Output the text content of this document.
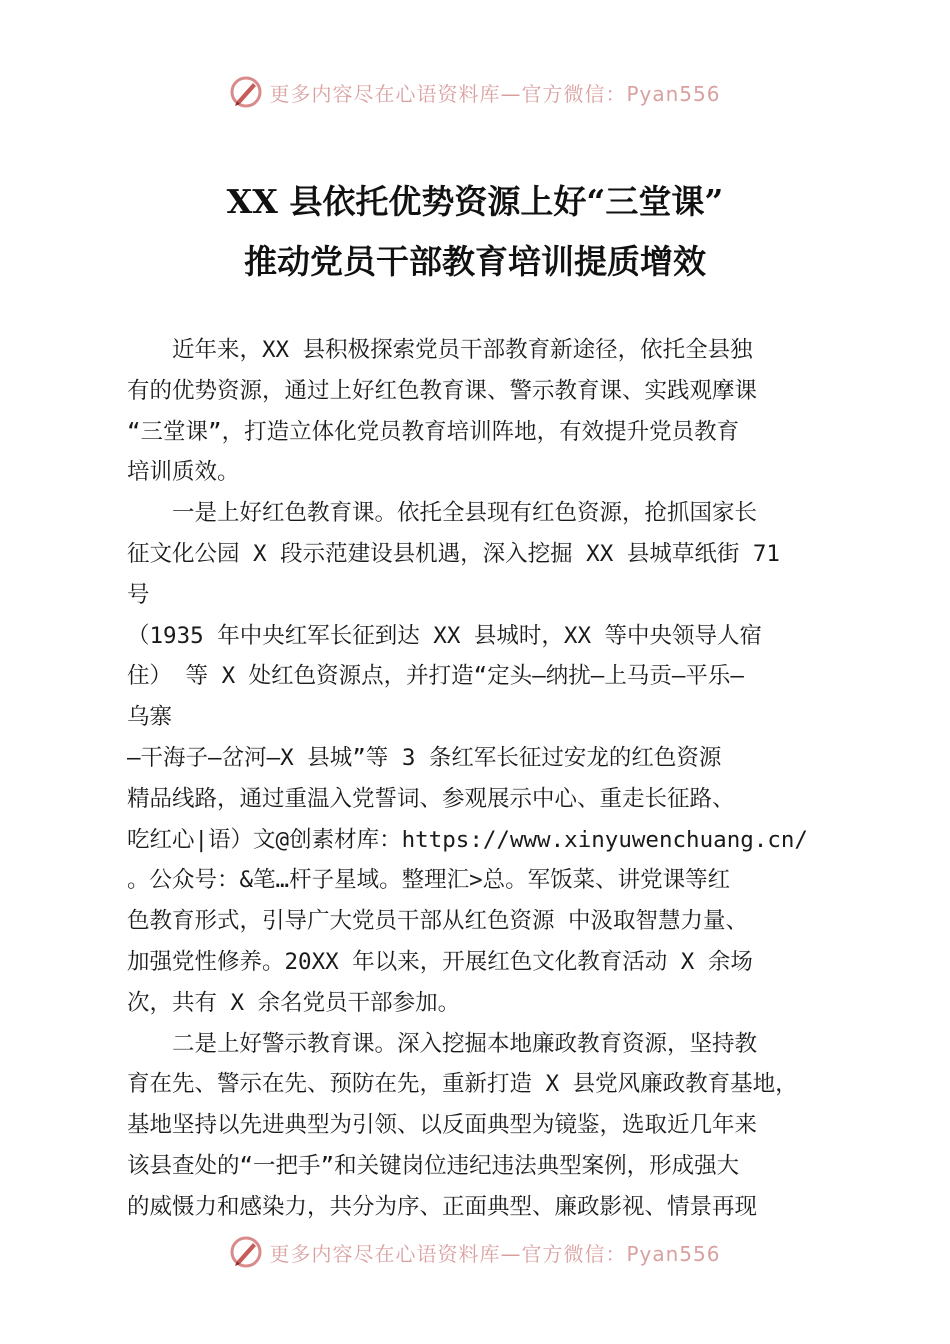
更多内容尽在心语资料库—官方微信：Pyan556
XX 县依托优势资源上好“三堂课”
推动党员干部教育培训提质增效
　　近年来，XX 县积极探索党员干部教育新途径，依托全县独
有的优势资源，通过上好红色教育课、警示教育课、实践观摩课
“三堂课”，打造立体化党员教育培训阵地，有效提升党员教育
培训质效。
　　一是上好红色教育课。依托全县现有红色资源，抢抓国家长
征文化公园 X 段示范建设县机遇，深入挖掘 XX 县城草纸街 71
号
（1935 年中央红军长征到达 XX 县城时，XX 等中央领导人宿
住） 等 X 处红色资源点，并打造“定头—纳扰—上马贡—平乐—
乌寨
—干海子—岔河—X 县城”等 3 条红军长征过安龙的红色资源
精品线路，通过重温入党誓词、参观展示中心、重走长征路、
吃红心|语）文@创素材库：https://www.xinyuwenchuang.cn/
。公众号：&笔…杆子星域。整理汇>总。军饭菜、讲党课等红
色教育形式，引导广大党员干部从红色资源 中汲取智慧力量、
加强党性修养。20XX 年以来，开展红色文化教育活动 X 余场
次，共有 X 余名党员干部参加。
　　二是上好警示教育课。深入挖掘本地廉政教育资源，坚持教
育在先、警示在先、预防在先，重新打造 X 县党风廉政教育基地，
基地坚持以先进典型为引领、以反面典型为镜鉴，选取近几年来
该县查处的“一把手”和关键岗位违纪违法典型案例，形成强大
的威慑力和感染力，共分为序、正面典型、廉政影视、情景再现
更多内容尽在心语资料库—官方微信：Pyan556
